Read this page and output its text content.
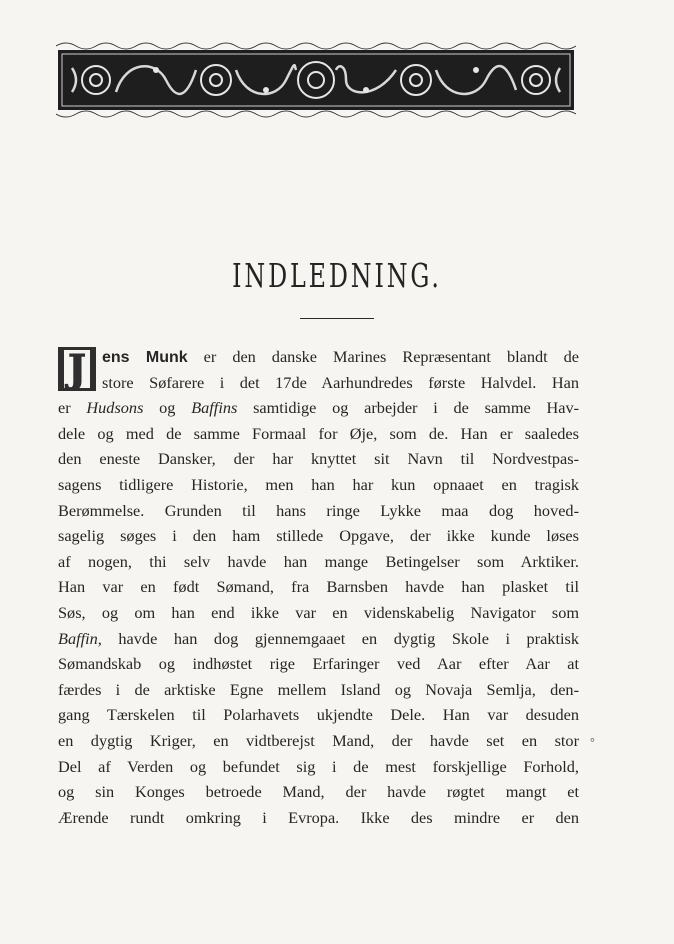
INDLEDNING.
J	ens Munk er den danske Marines Repræsentant blandt de
store Søfarere i det 17de Aarhundredes første Halvdel. Han
er Hudsons og Baffins samtidige og arbejder i de samme Hav-
dele og med de samme Formaal for Øje, som de. Han er saaledes
den eneste Dansker, der har knyttet sit Navn til Nordvestpas-
sagens tidligere Historie, men han har kun opnaaet en tragisk
Berømmelse. Grunden til hans ringe Lykke maa dog hoved-
sagelig søges i den ham stillede Opgave, der ikke kunde løses
af nogen, thi selv havde han mange Betingelser som Arktiker.
Han var en født Sømand, fra Barnsben havde han plasket til
Søs, og om han end ikke var en videnskabelig Navigator som
Baffin, havde han dog gjennemgaaet en dygtig Skole i praktisk
Sømandskab og indhøstet rige Erfaringer ved Aar efter Aar at
færdes i de arktiske Egne mellem Island og Novaja Semlja, den-
gang Tærskelen til Polarhavets ukjendte Dele. Han var desuden
en dygtig Kriger, en vidtberejst Mand, der havde set en stor
Del af Verden og befundet sig i de mest forskjellige Forhold,
og sin Konges betroede Mand, der havde røgtet mangt et
Ærende rundt omkring i Evropa. Ikke des mindre er den
°
